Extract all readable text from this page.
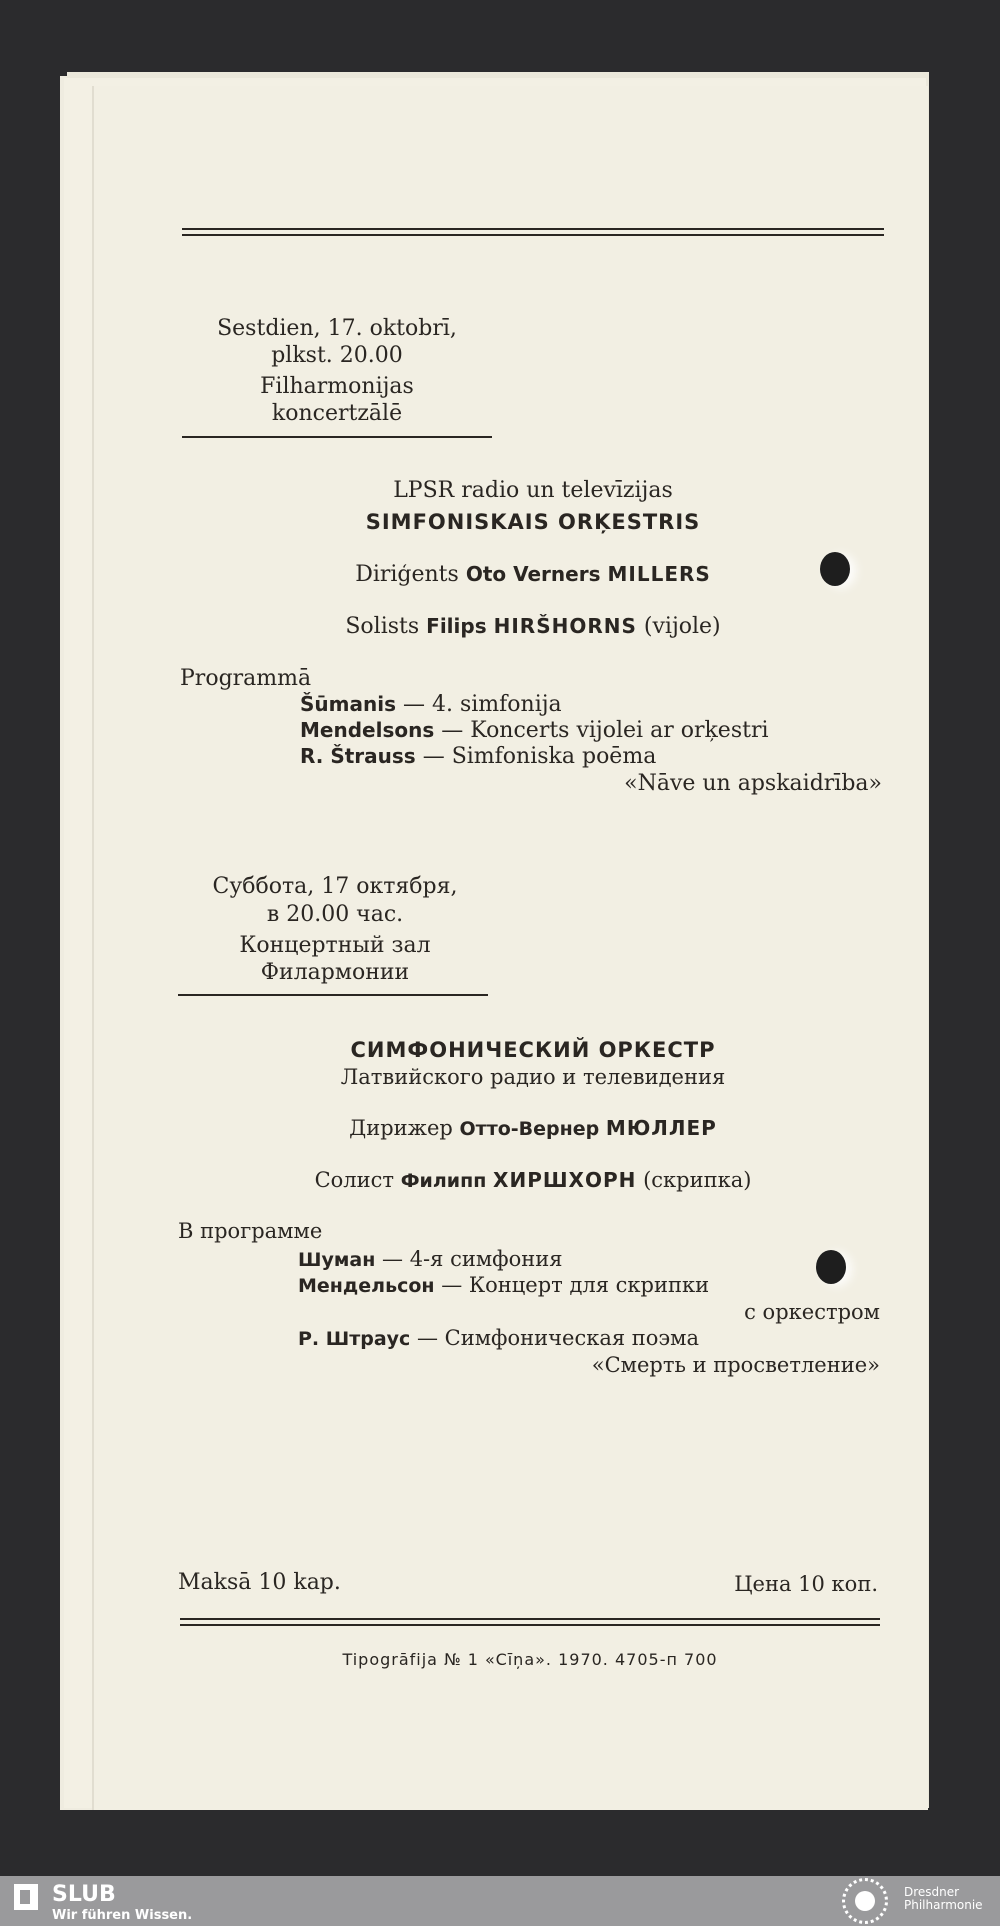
Sestdien, 17. oktobrī,
plkst. 20.00
Filharmonijas
koncertzālē
LPSR radio un televīzijas
SIMFONISKAIS ORĶESTRIS
Diriģents Oto Verners MILLERS
Solists Filips HIRŠHORNS (vijole)
Programmā
Šūmanis — 4. simfonija
Mendelsons — Koncerts vijolei ar orķestri
R. Štrauss — Simfoniska poēma
«Nāve un apskaidrība»
Суббота, 17 октября,
в 20.00 час.
Концертный зал
Филармонии
СИМФОНИЧЕСКИЙ ОРКЕСТР
Латвийского радио и телевидения
Дирижер Отто-Вернер МЮЛЛЕР
Солист Филипп ХИРШХОРН (скрипка)
В программе
Шуман — 4-я симфония
Мендельсон — Концерт для скрипки
с оркестром
Р. Штраус — Симфоническая поэма
«Смерть и просветление»
Maksā 10 kap.	Цена 10 коп.
Tipogrāfija № 1 «Cīņa». 1970. 4705-п 700
SLUB
Wir führen Wissen.
Dresdner
Philharmonie
